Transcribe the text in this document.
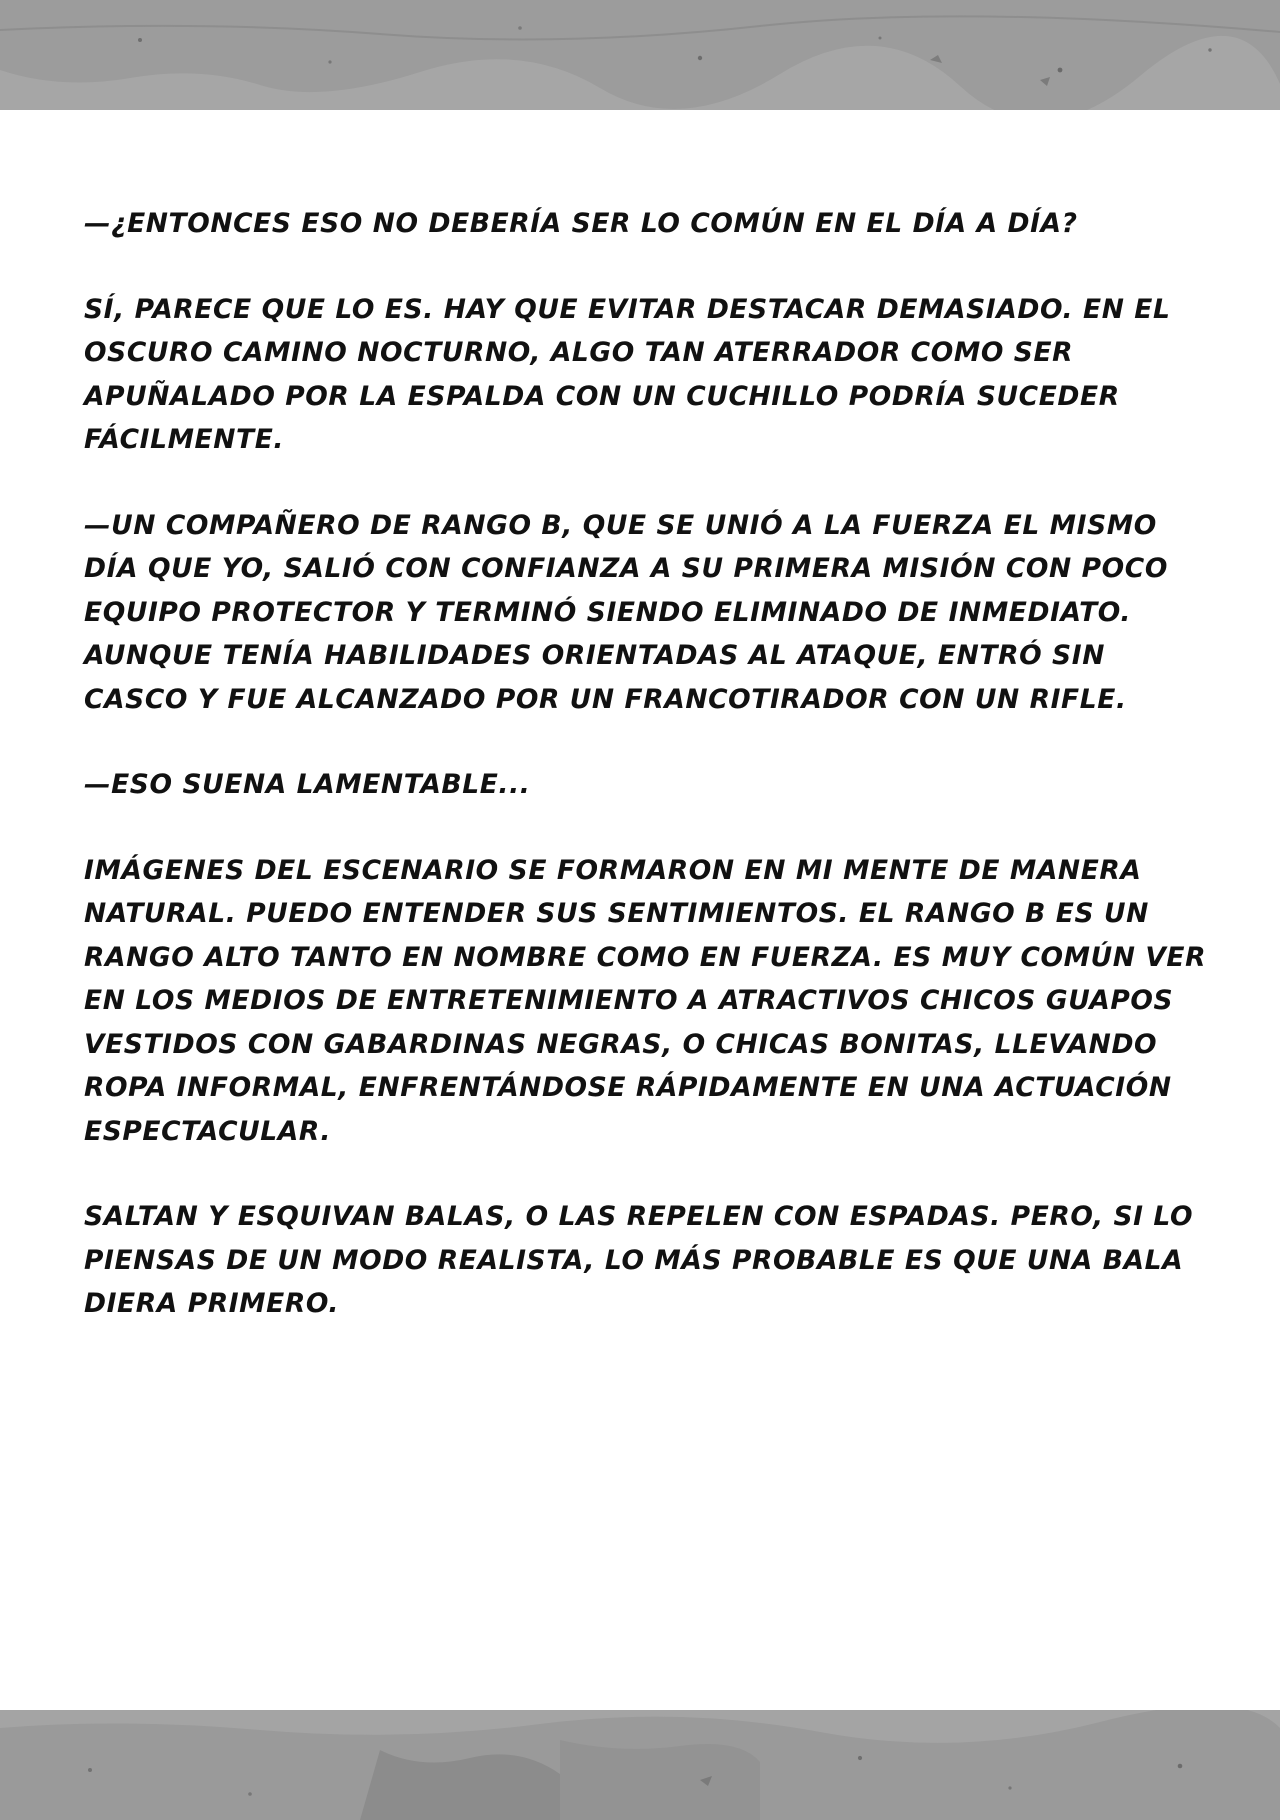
—¿ENTONCES ESO NO DEBERÍA SER LO COMÚN EN EL DÍA A DÍA?

SÍ, PARECE QUE LO ES. HAY QUE EVITAR DESTACAR DEMASIADO. EN EL OSCURO CAMINO NOCTURNO, ALGO TAN ATERRADOR COMO SER APUÑALADO POR LA ESPALDA CON UN CUCHILLO PODRÍA SUCEDER FÁCILMENTE.

—UN COMPAÑERO DE RANGO B, QUE SE UNIÓ A LA FUERZA EL MISMO DÍA QUE YO, SALIÓ CON CONFIANZA A SU PRIMERA MISIÓN CON POCO EQUIPO PROTECTOR Y TERMINÓ SIENDO ELIMINADO DE INMEDIATO. AUNQUE TENÍA HABILIDADES ORIENTADAS AL ATAQUE, ENTRÓ SIN CASCO Y FUE ALCANZADO POR UN FRANCOTIRADOR CON UN RIFLE.

—ESO SUENA LAMENTABLE...

IMÁGENES DEL ESCENARIO SE FORMARON EN MI MENTE DE MANERA NATURAL. PUEDO ENTENDER SUS SENTIMIENTOS. EL RANGO B ES UN RANGO ALTO TANTO EN NOMBRE COMO EN FUERZA. ES MUY COMÚN VER EN LOS MEDIOS DE ENTRETENIMIENTO A ATRACTIVOS CHICOS GUAPOS VESTIDOS CON GABARDINAS NEGRAS, O CHICAS BONITAS, LLEVANDO ROPA INFORMAL, ENFRENTÁNDOSE RÁPIDAMENTE EN UNA ACTUACIÓN ESPECTACULAR.

SALTAN Y ESQUIVAN BALAS, O LAS REPELEN CON ESPADAS. PERO, SI LO PIENSAS DE UN MODO REALISTA, LO MÁS PROBABLE ES QUE UNA BALA DIERA PRIMERO.
